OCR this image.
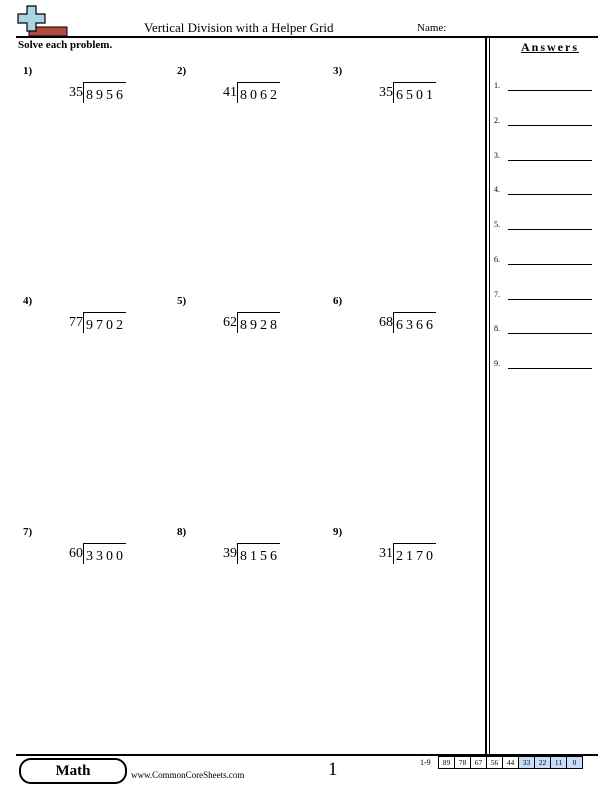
Vertical Division with a Helper Grid	Name:
Solve each problem.
1)
35 8956
2)
41 8062
3)
35 6501
4)
77 9702
5)
62 8928
6)
68 6366
7)
60 3300
8)
39 8156
9)
31 2170
Answers
1.
2.
3.
4.
5.
6.
7.
8.
9.
Math	www.CommonCoreSheets.com	1	1-9	89	78	67	56	44	33	22	11	0
